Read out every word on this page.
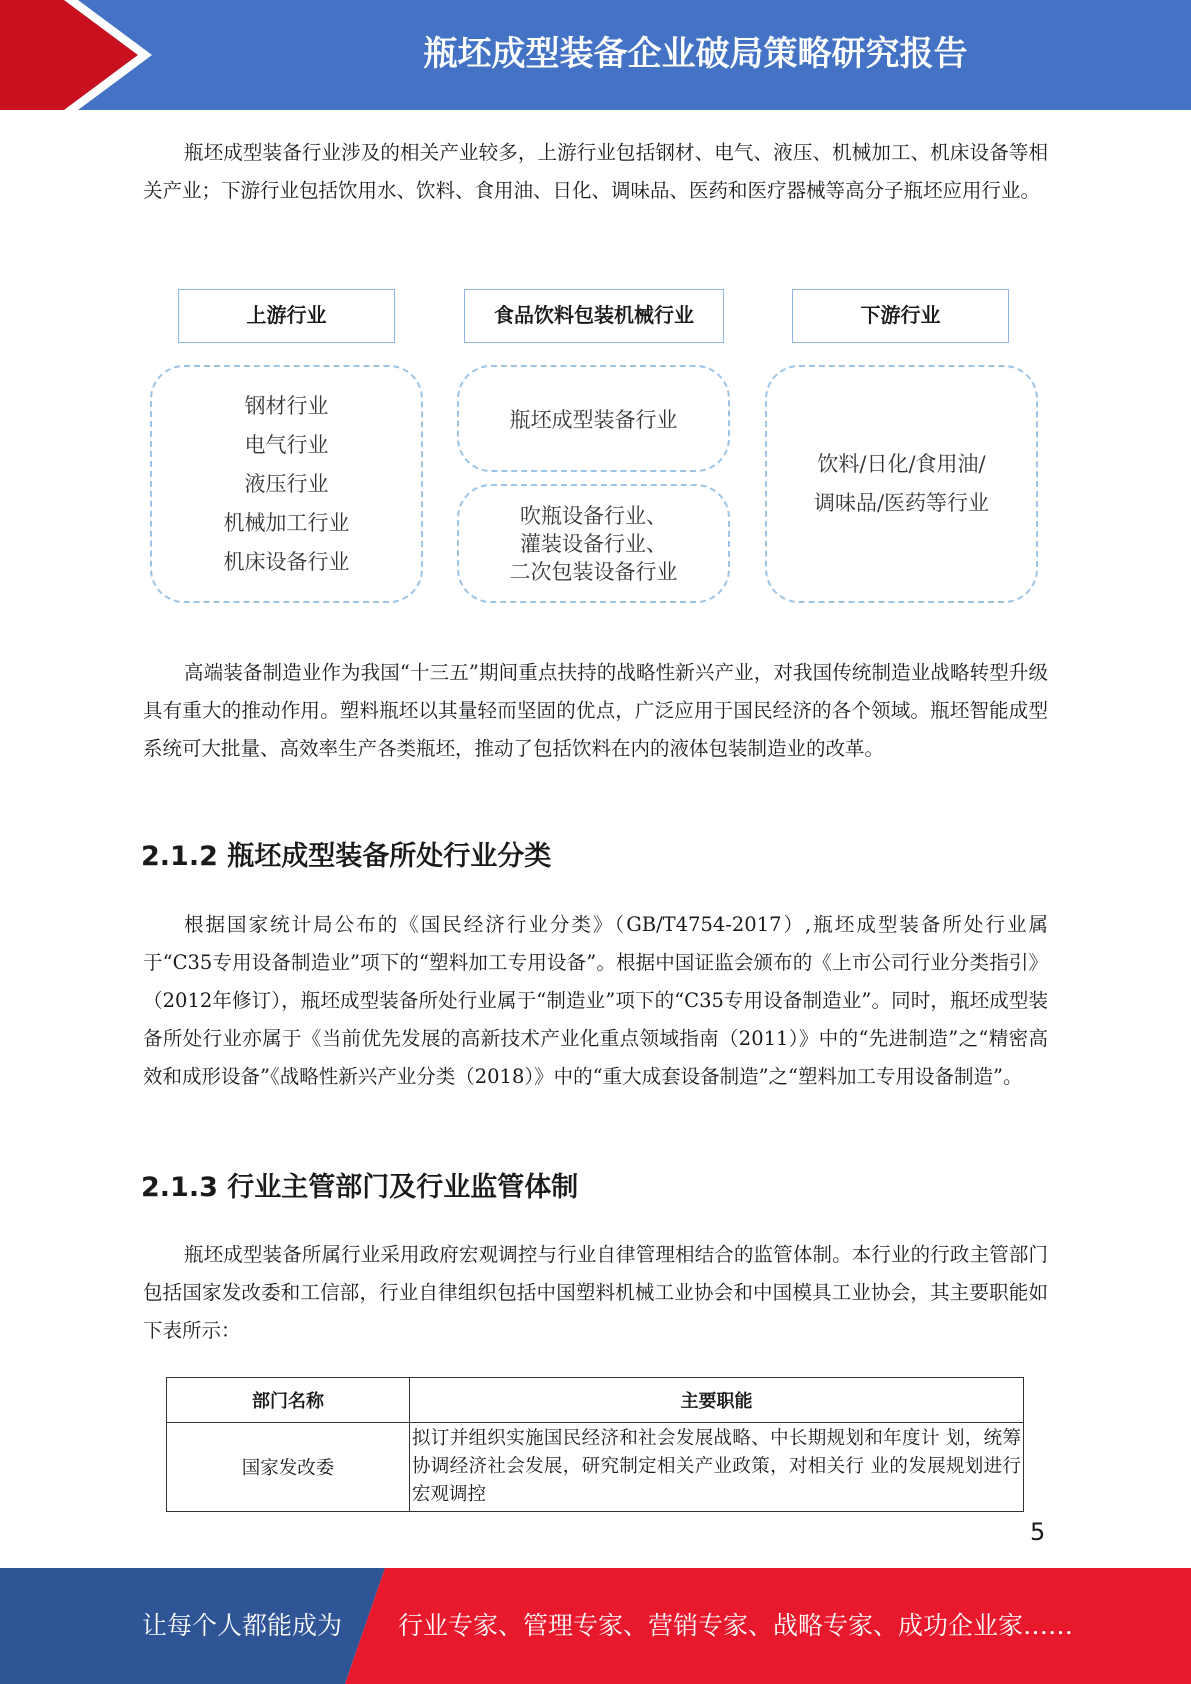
瓶坯成型装备企业破局策略研究报告

瓶坯成型装备行业涉及的相关产业较多，上游行业包括钢材、电气、液压、机械加工、机床设备等相关产业；下游行业包括饮用水、饮料、食用油、日化、调味品、医药和医疗器械等高分子瓶坯应用行业。

上游行业	食品饮料包装机械行业	下游行业
钢材行业
电气行业
液压行业
机械加工行业
机床设备行业
瓶坯成型装备行业
吹瓶设备行业、
灌装设备行业、
二次包装设备行业
饮料/日化/食用油/
调味品/医药等行业

高端装备制造业作为我国“十三五”期间重点扶持的战略性新兴产业，对我国传统制造业战略转型升级具有重大的推动作用。塑料瓶坯以其量轻而坚固的优点，广泛应用于国民经济的各个领域。瓶坯智能成型系统可大批量、高效率生产各类瓶坯，推动了包括饮料在内的液体包装制造业的改革。

2.1.2 瓶坯成型装备所处行业分类

根据国家统计局公布的《国民经济行业分类》（GB/T4754-2017）,瓶坯成型装备所处行业属于“C35专用设备制造业”项下的“塑料加工专用设备”。根据中国证监会颁布的《上市公司行业分类指引》（2012年修订），瓶坯成型装备所处行业属于“制造业”项下的“C35专用设备制造业”。同时，瓶坯成型装备所处行业亦属于《当前优先发展的高新技术产业化重点领域指南（2011）》中的“先进制造”之“精密高效和成形设备”《战略性新兴产业分类（2018）》中的“重大成套设备制造”之“塑料加工专用设备制造”。

2.1.3 行业主管部门及行业监管体制

瓶坯成型装备所属行业采用政府宏观调控与行业自律管理相结合的监管体制。本行业的行政主管部门包括国家发改委和工信部，行业自律组织包括中国塑料机械工业协会和中国模具工业协会，其主要职能如下表所示：

部门名称	主要职能
国家发改委	拟订并组织实施国民经济和社会发展战略、中长期规划和年度计 划，统筹协调经济社会发展，研究制定相关产业政策，对相关行 业的发展规划进行宏观调控
5
让每个人都能成为 行业专家、管理专家、营销专家、战略专家、成功企业家……
